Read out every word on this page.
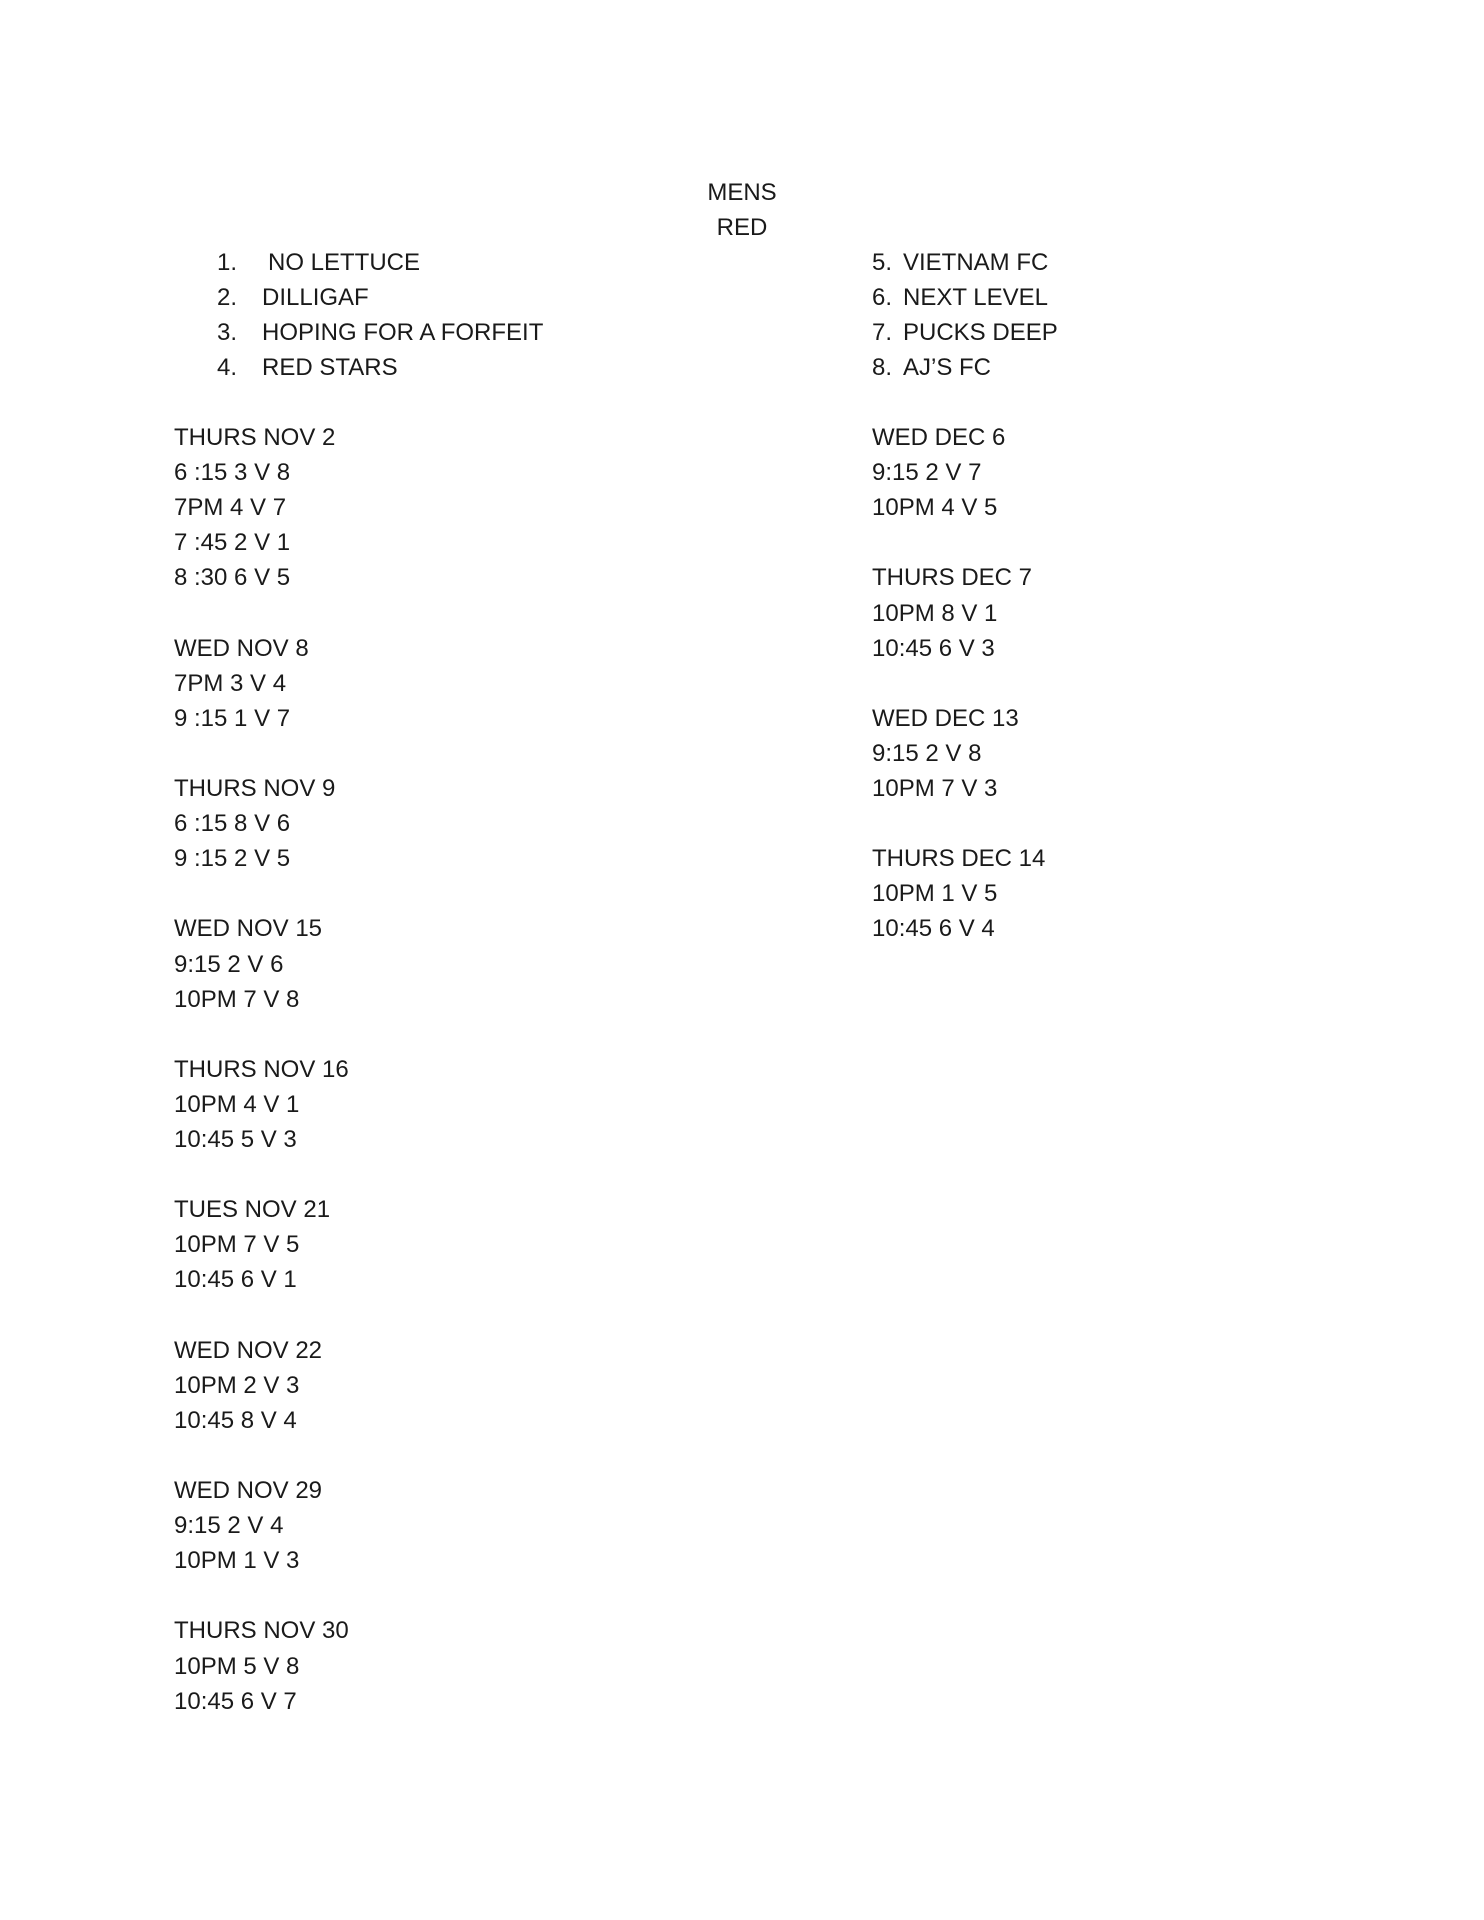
MENS
RED
1. NO LETTUCE
2. DILLIGAF
3. HOPING FOR A FORFEIT
4. RED STARS
5. VIETNAM FC
6. NEXT LEVEL
7. PUCKS DEEP
8. AJ’S FC
THURS NOV 2
6 :15 3 V 8
7PM 4 V 7
7 :45 2 V 1
8 :30 6 V 5
WED NOV 8
7PM 3 V 4
9 :15 1 V 7
THURS NOV 9
6 :15 8 V 6
9 :15 2 V 5
WED NOV 15
9:15 2 V 6
10PM 7 V 8
THURS NOV 16
10PM 4 V 1
10:45 5 V 3
TUES NOV 21
10PM 7 V 5
10:45 6 V 1
WED NOV 22
10PM 2 V 3
10:45 8 V 4
WED NOV 29
9:15 2 V 4
10PM 1 V 3
THURS NOV 30
10PM 5 V 8
10:45 6 V 7
WED DEC 6
9:15 2 V 7
10PM 4 V 5
THURS DEC 7
10PM 8 V 1
10:45 6 V 3
WED DEC 13
9:15 2 V 8
10PM 7 V 3
THURS DEC 14
10PM 1 V 5
10:45 6 V 4
